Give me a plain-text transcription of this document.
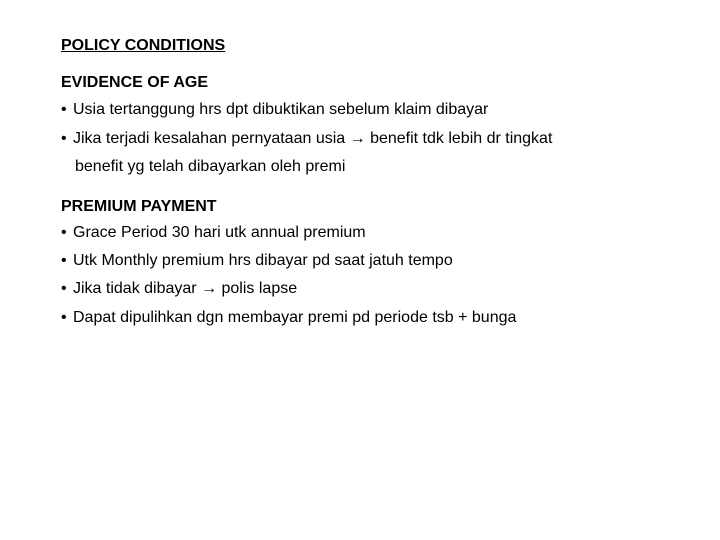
POLICY CONDITIONS
EVIDENCE OF AGE
• Usia tertanggung hrs dpt dibuktikan sebelum klaim dibayar
• Jika terjadi kesalahan pernyataan usia → benefit tdk lebih dr tingkat
benefit yg telah dibayarkan oleh premi
PREMIUM PAYMENT
• Grace Period 30 hari utk annual premium
• Utk Monthly premium hrs dibayar pd saat jatuh tempo
• Jika tidak dibayar → polis lapse
• Dapat dipulihkan dgn membayar premi pd periode tsb + bunga
